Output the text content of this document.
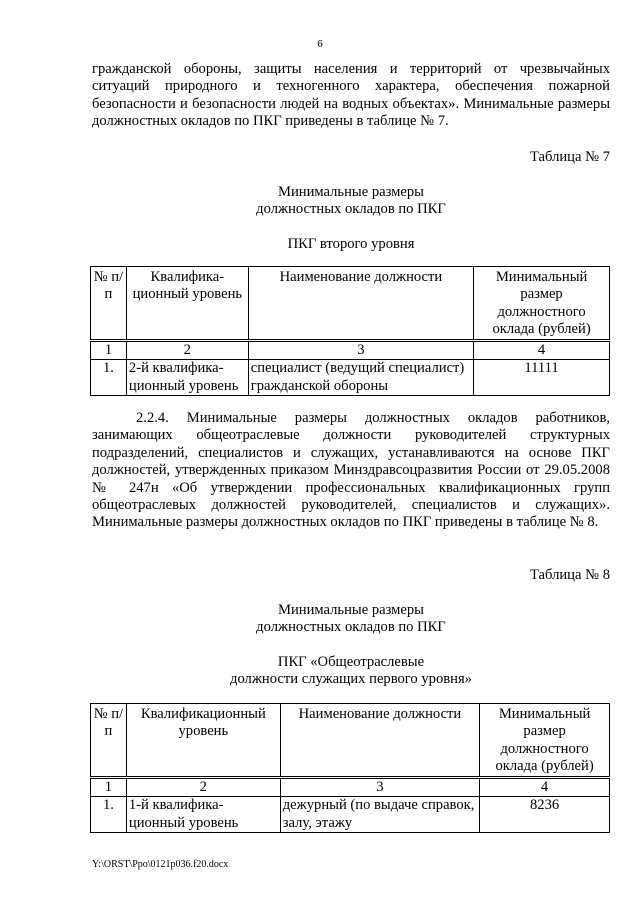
6

гражданской обороны, защиты населения и территорий от чрезвычайных ситуаций природного и техногенного характера, обеспечения пожарной безопасности и безопасности людей на водных объектах». Минимальные размеры должностных окладов по ПКГ приведены в таблице № 7.

Таблица № 7
Минимальные размеры
должностных окладов по ПКГ
ПКГ второго уровня
№ п/п	Квалифика-ционный уровень	Наименование должности	Минимальный размер должностного оклада (рублей)
1	2	3	4
1.	2-й квалифика-ционный уровень	специалист (ведущий специалист) гражданской обороны	11111

2.2.4. Минимальные размеры должностных окладов работников, занимающих общеотраслевые должности руководителей структурных подразделений, специалистов и служащих, устанавливаются на основе ПКГ должностей, утвержденных приказом Минздравсоцразвития России от 29.05.2008 № 247н «Об утверждении профессиональных квалификационных групп общеотраслевых должностей руководителей, специалистов и служащих». Минимальные размеры должностных окладов по ПКГ приведены в таблице № 8.

Таблица № 8
Минимальные размеры
должностных окладов по ПКГ
ПКГ «Общеотраслевые
должности служащих первого уровня»
№ п/п	Квалификационный уровень	Наименование должности	Минимальный размер должностного оклада (рублей)
1	2	3	4
1.	1-й квалифика-ционный уровень	дежурный (по выдаче справок, залу, этажу	8236
Y:\ORST\Ppo\0121p036.f20.docx
